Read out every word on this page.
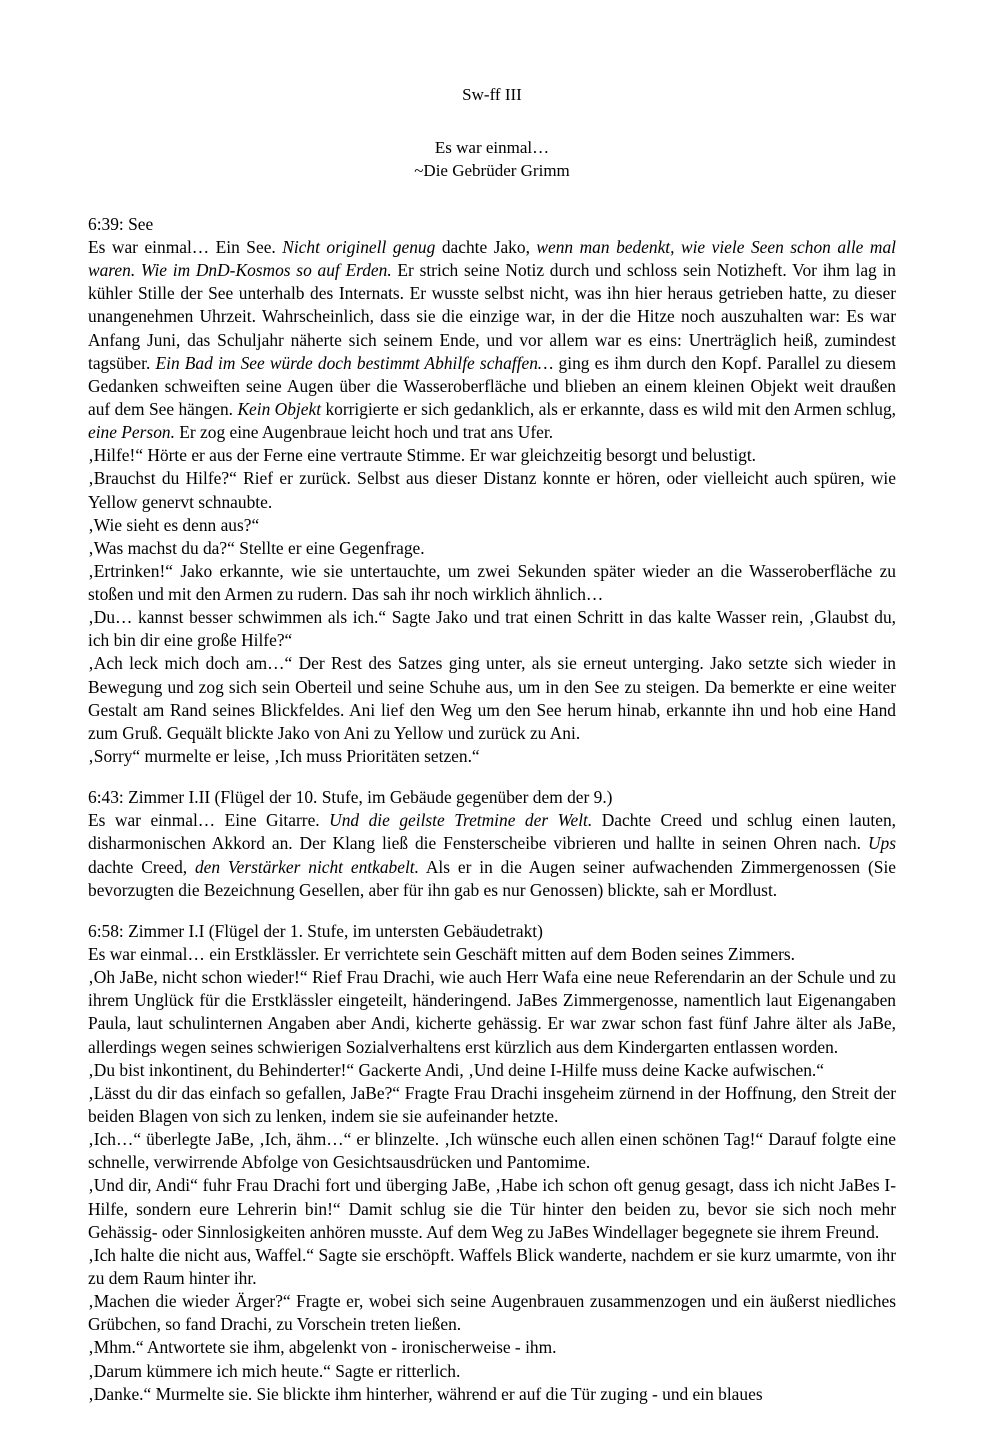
Sw-ff III
Es war einmal…
~Die Gebrüder Grimm

6:39: See

Es war einmal… Ein See. Nicht originell genug dachte Jako, wenn man bedenkt, wie viele Seen schon alle mal waren. Wie im DnD-Kosmos so auf Erden. Er strich seine Notiz durch und schloss sein Notizheft. Vor ihm lag in kühler Stille der See unterhalb des Internats. Er wusste selbst nicht, was ihn hier heraus getrieben hatte, zu dieser unangenehmen Uhrzeit. Wahrscheinlich, dass sie die einzige war, in der die Hitze noch auszuhalten war: Es war Anfang Juni, das Schuljahr näherte sich seinem Ende, und vor allem war es eins: Unerträglich heiß, zumindest tagsüber. Ein Bad im See würde doch bestimmt Abhilfe schaffen… ging es ihm durch den Kopf. Parallel zu diesem Gedanken schweiften seine Augen über die Wasseroberfläche und blieben an einem kleinen Objekt weit draußen auf dem See hängen. Kein Objekt korrigierte er sich gedanklich, als er erkannte, dass es wild mit den Armen schlug, eine Person. Er zog eine Augenbraue leicht hoch und trat ans Ufer.

‚Hilfe!“ Hörte er aus der Ferne eine vertraute Stimme. Er war gleichzeitig besorgt und belustigt.

‚Brauchst du Hilfe?“ Rief er zurück. Selbst aus dieser Distanz konnte er hören, oder vielleicht auch spüren, wie Yellow genervt schnaubte.

‚Wie sieht es denn aus?“

‚Was machst du da?“ Stellte er eine Gegenfrage.

‚Ertrinken!“ Jako erkannte, wie sie untertauchte, um zwei Sekunden später wieder an die Wasseroberfläche zu stoßen und mit den Armen zu rudern. Das sah ihr noch wirklich ähnlich…

‚Du… kannst besser schwimmen als ich.“ Sagte Jako und trat einen Schritt in das kalte Wasser rein, ‚Glaubst du, ich bin dir eine große Hilfe?“

‚Ach leck mich doch am…“ Der Rest des Satzes ging unter, als sie erneut unterging. Jako setzte sich wieder in Bewegung und zog sich sein Oberteil und seine Schuhe aus, um in den See zu steigen. Da bemerkte er eine weiter Gestalt am Rand seines Blickfeldes. Ani lief den Weg um den See herum hinab, erkannte ihn und hob eine Hand zum Gruß. Gequält blickte Jako von Ani zu Yellow und zurück zu Ani.

‚Sorry“ murmelte er leise, ‚Ich muss Prioritäten setzen.“

6:43: Zimmer I.II (Flügel der 10. Stufe, im Gebäude gegenüber dem der 9.)

Es war einmal… Eine Gitarre. Und die geilste Tretmine der Welt. Dachte Creed und schlug einen lauten, disharmonischen Akkord an. Der Klang ließ die Fensterscheibe vibrieren und hallte in seinen Ohren nach. Ups dachte Creed, den Verstärker nicht entkabelt. Als er in die Augen seiner aufwachenden Zimmergenossen (Sie bevorzugten die Bezeichnung Gesellen, aber für ihn gab es nur Genossen) blickte, sah er Mordlust.

6:58: Zimmer I.I (Flügel der 1. Stufe, im untersten Gebäudetrakt)

Es war einmal… ein Erstklässler. Er verrichtete sein Geschäft mitten auf dem Boden seines Zimmers.

‚Oh JaBe, nicht schon wieder!“ Rief Frau Drachi, wie auch Herr Wafa eine neue Referendarin an der Schule und zu ihrem Unglück für die Erstklässler eingeteilt, händeringend. JaBes Zimmergenosse, namentlich laut Eigenangaben Paula, laut schulinternen Angaben aber Andi, kicherte gehässig. Er war zwar schon fast fünf Jahre älter als JaBe, allerdings wegen seines schwierigen Sozialverhaltens erst kürzlich aus dem Kindergarten entlassen worden.

‚Du bist inkontinent, du Behinderter!“ Gackerte Andi, ‚Und deine I-Hilfe muss deine Kacke aufwischen.“

‚Lässt du dir das einfach so gefallen, JaBe?“ Fragte Frau Drachi insgeheim zürnend in der Hoffnung, den Streit der beiden Blagen von sich zu lenken, indem sie sie aufeinander hetzte.

‚Ich…“ überlegte JaBe, ‚Ich, ähm…“ er blinzelte. ‚Ich wünsche euch allen einen schönen Tag!“ Darauf folgte eine schnelle, verwirrende Abfolge von Gesichtsausdrücken und Pantomime.

‚Und dir, Andi“ fuhr Frau Drachi fort und überging JaBe, ‚Habe ich schon oft genug gesagt, dass ich nicht JaBes I-Hilfe, sondern eure Lehrerin bin!“ Damit schlug sie die Tür hinter den beiden zu, bevor sie sich noch mehr Gehässig- oder Sinnlosigkeiten anhören musste. Auf dem Weg zu JaBes Windellager begegnete sie ihrem Freund.

‚Ich halte die nicht aus, Waffel.“ Sagte sie erschöpft. Waffels Blick wanderte, nachdem er sie kurz umarmte, von ihr zu dem Raum hinter ihr.

‚Machen die wieder Ärger?“ Fragte er, wobei sich seine Augenbrauen zusammenzogen und ein äußerst niedliches Grübchen, so fand Drachi, zu Vorschein treten ließen.

‚Mhm.“ Antwortete sie ihm, abgelenkt von - ironischerweise - ihm.

‚Darum kümmere ich mich heute.“ Sagte er ritterlich.

‚Danke.“ Murmelte sie. Sie blickte ihm hinterher, während er auf die Tür zuging - und ein blaues
